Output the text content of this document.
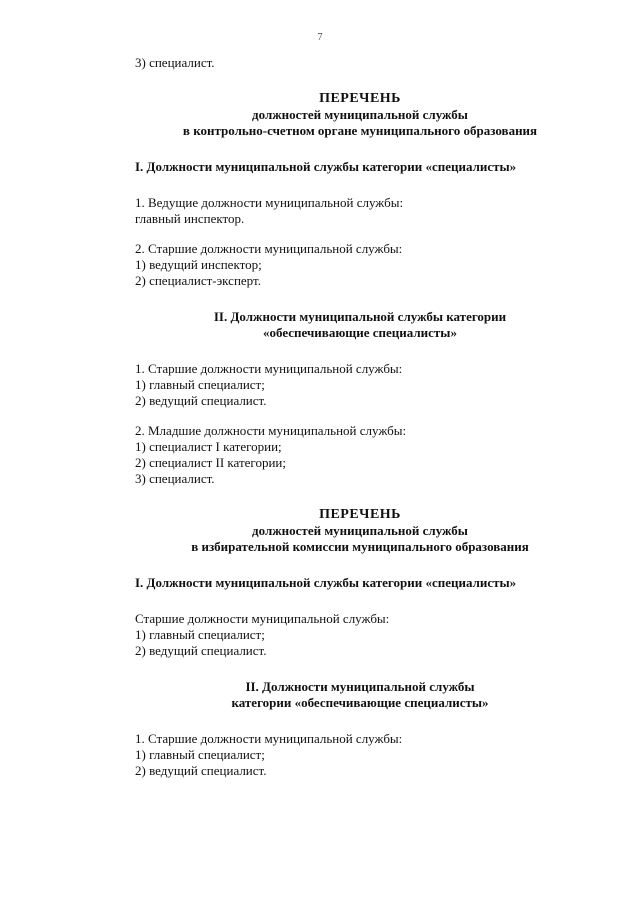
7

3) специалист.

ПЕРЕЧЕНЬ

должностей муниципальной службы

в контрольно-счетном органе муниципального образования

I. Должности муниципальной службы категории «специалисты»

1. Ведущие должности муниципальной службы:

главный инспектор.

2. Старшие должности муниципальной службы:

1) ведущий инспектор;

2) специалист-эксперт.

II. Должности муниципальной службы категории

«обеспечивающие специалисты»

1. Старшие должности муниципальной службы:

1) главный специалист;

2) ведущий специалист.

2. Младшие должности муниципальной службы:

1) специалист I категории;

2) специалист II категории;

3) специалист.

ПЕРЕЧЕНЬ

должностей муниципальной службы

в избирательной комиссии муниципального образования

I. Должности муниципальной службы категории «специалисты»

Старшие должности муниципальной службы:

1) главный специалист;

2) ведущий специалист.

II. Должности муниципальной службы

категории «обеспечивающие специалисты»

1. Старшие должности муниципальной службы:

1) главный специалист;

2) ведущий специалист.
